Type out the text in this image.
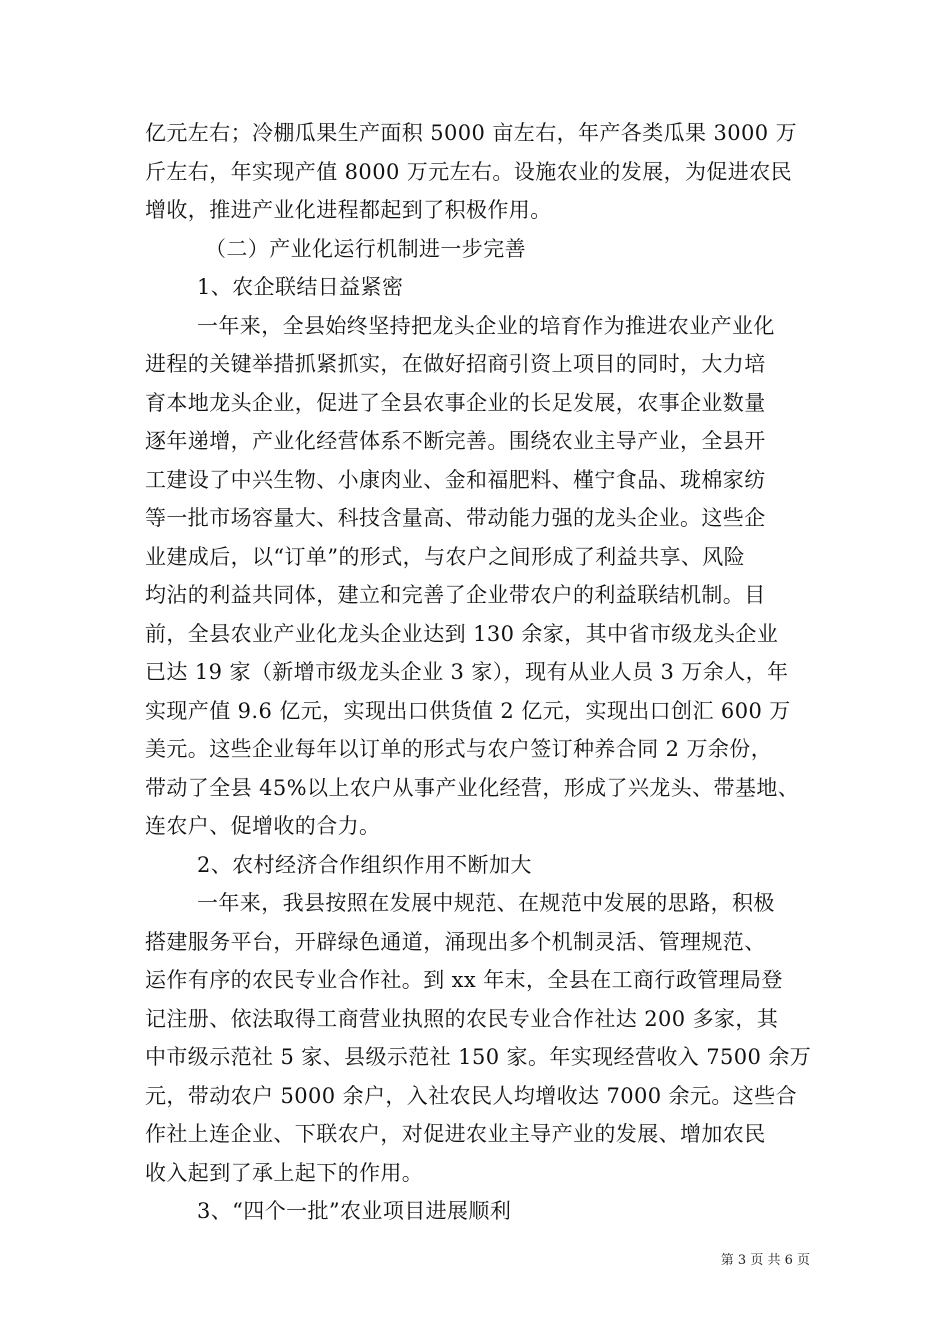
亿元左右；冷棚瓜果生产面积 5000 亩左右，年产各类瓜果 3000 万
斤左右，年实现产值 8000 万元左右。设施农业的发展，为促进农民
增收，推进产业化进程都起到了积极作用。
（二）产业化运行机制进一步完善
1、农企联结日益紧密
一年来，全县始终坚持把龙头企业的培育作为推进农业产业化
进程的关键举措抓紧抓实，在做好招商引资上项目的同时，大力培
育本地龙头企业，促进了全县农事企业的长足发展，农事企业数量
逐年递增，产业化经营体系不断完善。围绕农业主导产业，全县开
工建设了中兴生物、小康肉业、金和福肥料、槿宁食品、珑棉家纺
等一批市场容量大、科技含量高、带动能力强的龙头企业。这些企
业建成后，以“订单”的形式，与农户之间形成了利益共享、风险
均沾的利益共同体，建立和完善了企业带农户的利益联结机制。目
前，全县农业产业化龙头企业达到 130 余家，其中省市级龙头企业
已达 19 家（新增市级龙头企业 3 家），现有从业人员 3 万余人，年
实现产值 9.6 亿元，实现出口供货值 2 亿元，实现出口创汇 600 万
美元。这些企业每年以订单的形式与农户签订种养合同 2 万余份，
带动了全县 45%以上农户从事产业化经营，形成了兴龙头、带基地、
连农户、促增收的合力。
2、农村经济合作组织作用不断加大
一年来，我县按照在发展中规范、在规范中发展的思路，积极
搭建服务平台，开辟绿色通道，涌现出多个机制灵活、管理规范、
运作有序的农民专业合作社。到 xx 年末，全县在工商行政管理局登
记注册、依法取得工商营业执照的农民专业合作社达 200 多家，其
中市级示范社 5 家、县级示范社 150 家。年实现经营收入 7500 余万
元，带动农户 5000 余户，入社农民人均增收达 7000 余元。这些合
作社上连企业、下联农户，对促进农业主导产业的发展、增加农民
收入起到了承上起下的作用。
3、“四个一批”农业项目进展顺利
第 3 页 共 6 页
